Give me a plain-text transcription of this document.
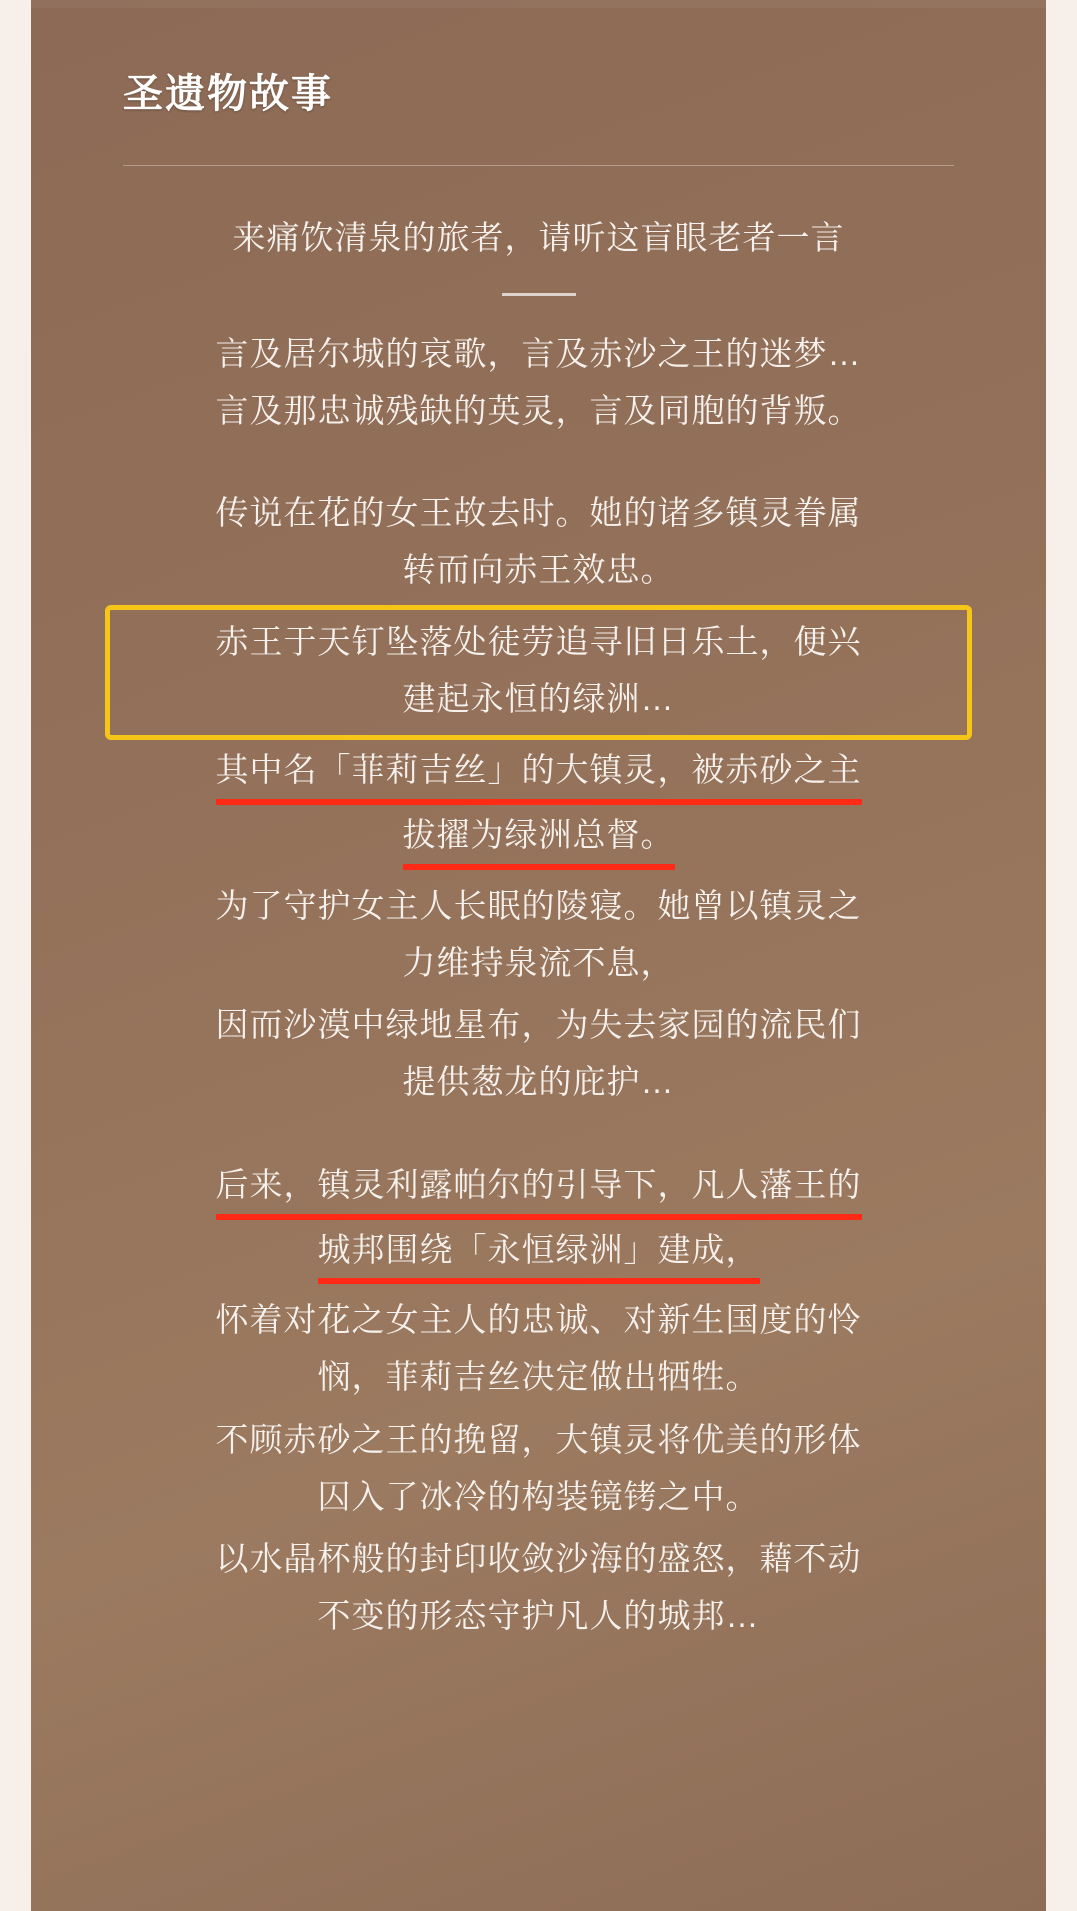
圣遗物故事

来痛饮清泉的旅者，请听这盲眼老者一言

言及居尔城的哀歌，言及赤沙之王的迷梦…
言及那忠诚残缺的英灵，言及同胞的背叛。

传说在花的女王故去时。她的诸多镇灵眷属
转而向赤王效忠。

赤王于天钉坠落处徒劳追寻旧日乐土，便兴
建起永恒的绿洲…

其中名「菲莉吉丝」的大镇灵，被赤砂之主
拔擢为绿洲总督。

为了守护女主人长眠的陵寝。她曾以镇灵之
力维持泉流不息，

因而沙漠中绿地星布，为失去家园的流民们
提供葱龙的庇护…

后来，镇灵利露帕尔的引导下，凡人藩王的
城邦围绕「永恒绿洲」建成，

怀着对花之女主人的忠诚、对新生国度的怜
悯，菲莉吉丝决定做出牺牲。

不顾赤砂之王的挽留，大镇灵将优美的形体
囚入了冰冷的构装镜铐之中。

以水晶杯般的封印收敛沙海的盛怒，藉不动
不变的形态守护凡人的城邦…
